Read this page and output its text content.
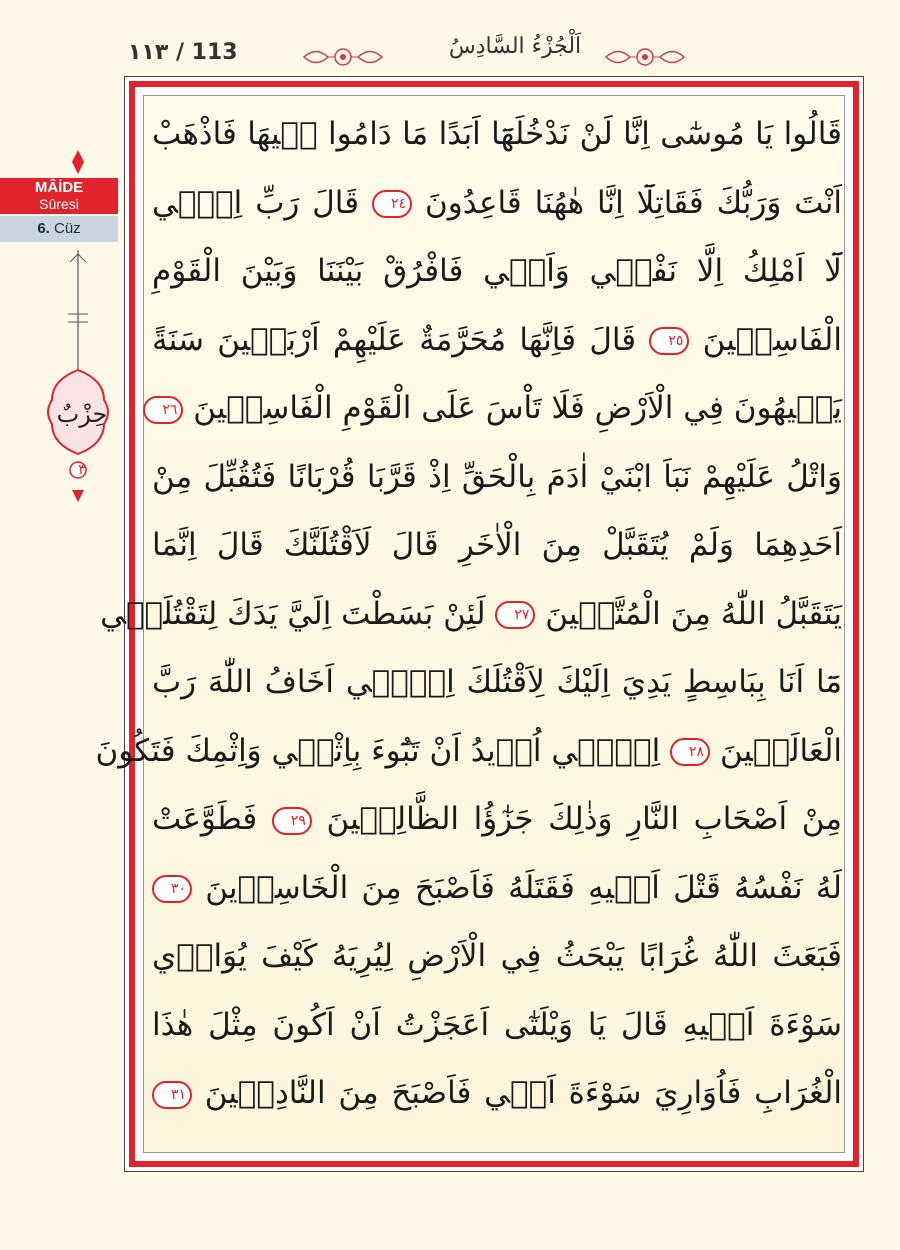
١١٣ / 113	اَلْجُزْءُ السَّادِسُ
MÂİDE
Sûresi
6. Cüz
حِزْبٌ
٣
قَالُوا يَا مُوسٰٓى اِنَّا لَنْ نَدْخُلَهَٓا اَبَدًا مَا دَامُوا ف۪يهَا فَاذْهَبْ
اَنْتَ وَرَبُّكَ فَقَاتِلَٓا اِنَّا هٰهُنَا قَاعِدُونَ ٢٤ قَالَ رَبِّ اِنّ۪ي
لَٓا اَمْلِكُ اِلَّا نَفْس۪ي وَاَخ۪ي فَافْرُقْ بَيْنَنَا وَبَيْنَ الْقَوْمِ
الْفَاسِق۪ينَ ٢٥ قَالَ فَاِنَّهَا مُحَرَّمَةٌ عَلَيْهِمْ اَرْبَع۪ينَ سَنَةً
يَت۪يهُونَ فِي الْاَرْضِ فَلَا تَاْسَ عَلَى الْقَوْمِ الْفَاسِق۪ينَ ٢٦
وَاتْلُ عَلَيْهِمْ نَبَاَ ابْنَيْ اٰدَمَ بِالْحَقِّ اِذْ قَرَّبَا قُرْبَانًا فَتُقُبِّلَ مِنْ
اَحَدِهِمَا وَلَمْ يُتَقَبَّلْ مِنَ الْاٰخَرِ قَالَ لَاَقْتُلَنَّكَ قَالَ اِنَّمَا
يَتَقَبَّلُ اللّٰهُ مِنَ الْمُتَّق۪ينَ ٢٧ لَئِنْ بَسَطْتَ اِلَيَّ يَدَكَ لِتَقْتُلَن۪ي
مَٓا اَنَا بِبَاسِطٍ يَدِيَ اِلَيْكَ لِاَقْتُلَكَ اِنّ۪ٓي اَخَافُ اللّٰهَ رَبَّ
الْعَالَم۪ينَ ٢٨ اِنّ۪ٓي اُر۪يدُ اَنْ تَبُٓوءَ بِاِثْم۪ي وَاِثْمِكَ فَتَكُونَ
مِنْ اَصْحَابِ النَّارِ وَذٰلِكَ جَزٰٓؤُا الظَّالِم۪ينَ ٢٩ فَطَوَّعَتْ
لَهُ نَفْسُهُ قَتْلَ اَخ۪يهِ فَقَتَلَهُ فَاَصْبَحَ مِنَ الْخَاسِر۪ينَ ٣٠
فَبَعَثَ اللّٰهُ غُرَابًا يَبْحَثُ فِي الْاَرْضِ لِيُرِيَهُ كَيْفَ يُوَار۪ي
سَوْءَةَ اَخ۪يهِ قَالَ يَا وَيْلَتٰٓى اَعَجَزْتُ اَنْ اَكُونَ مِثْلَ هٰذَا
الْغُرَابِ فَاُوَارِيَ سَوْءَةَ اَخ۪ي فَاَصْبَحَ مِنَ النَّادِم۪ينَ ٣١
